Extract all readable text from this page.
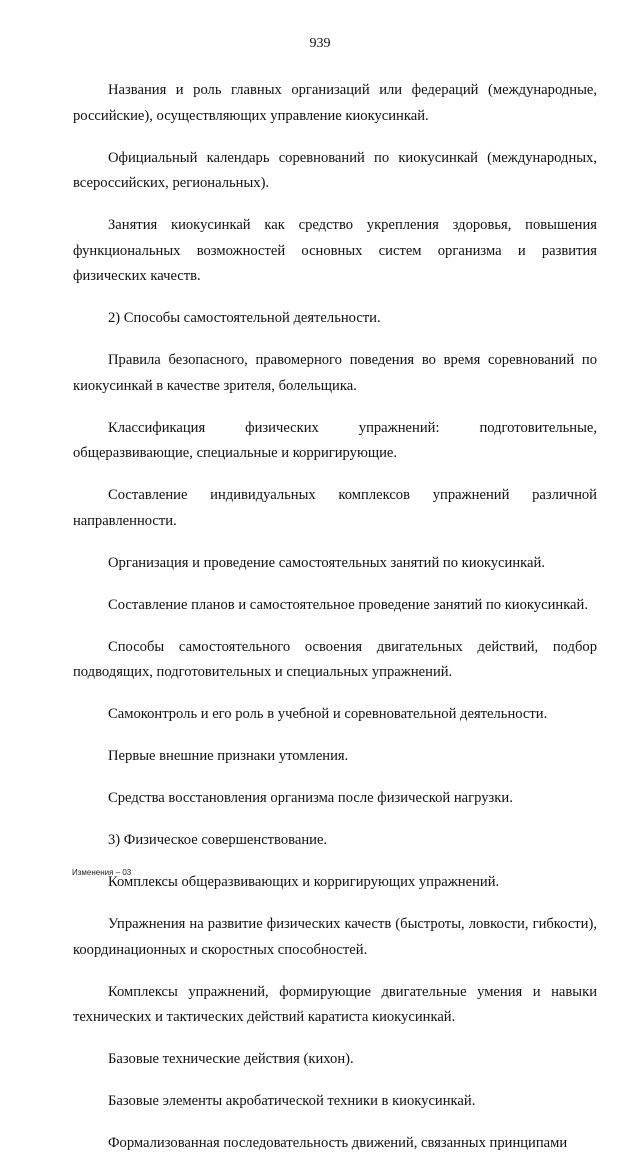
939

Названия и роль главных организаций или федераций (международные, российские), осуществляющих управление киокусинкай.

Официальный календарь соревнований по киокусинкай (международных, всероссийских, региональных).

Занятия киокусинкай как средство укрепления здоровья, повышения функциональных возможностей основных систем организма и развития физических качеств.

2) Способы самостоятельной деятельности.

Правила безопасного, правомерного поведения во время соревнований по киокусинкай в качестве зрителя, болельщика.

Классификация физических упражнений: подготовительные, общеразвивающие, специальные и корригирующие.

Составление индивидуальных комплексов упражнений различной направленности.

Организация и проведение самостоятельных занятий по киокусинкай.

Составление планов и самостоятельное проведение занятий по киокусинкай.

Способы самостоятельного освоения двигательных действий, подбор подводящих, подготовительных и специальных упражнений.

Самоконтроль и его роль в учебной и соревновательной деятельности.

Первые внешние признаки утомления.

Средства восстановления организма после физической нагрузки.

3) Физическое совершенствование.

Комплексы общеразвивающих и корригирующих упражнений.

Упражнения на развитие физических качеств (быстроты, ловкости, гибкости), координационных и скоростных способностей.

Комплексы упражнений, формирующие двигательные умения и навыки технических и тактических действий каратиста киокусинкай.

Базовые технические действия (кихон).

Базовые элементы акробатической техники в киокусинкай.

Формализованная последовательность движений, связанных принципами

Изменения – 03
